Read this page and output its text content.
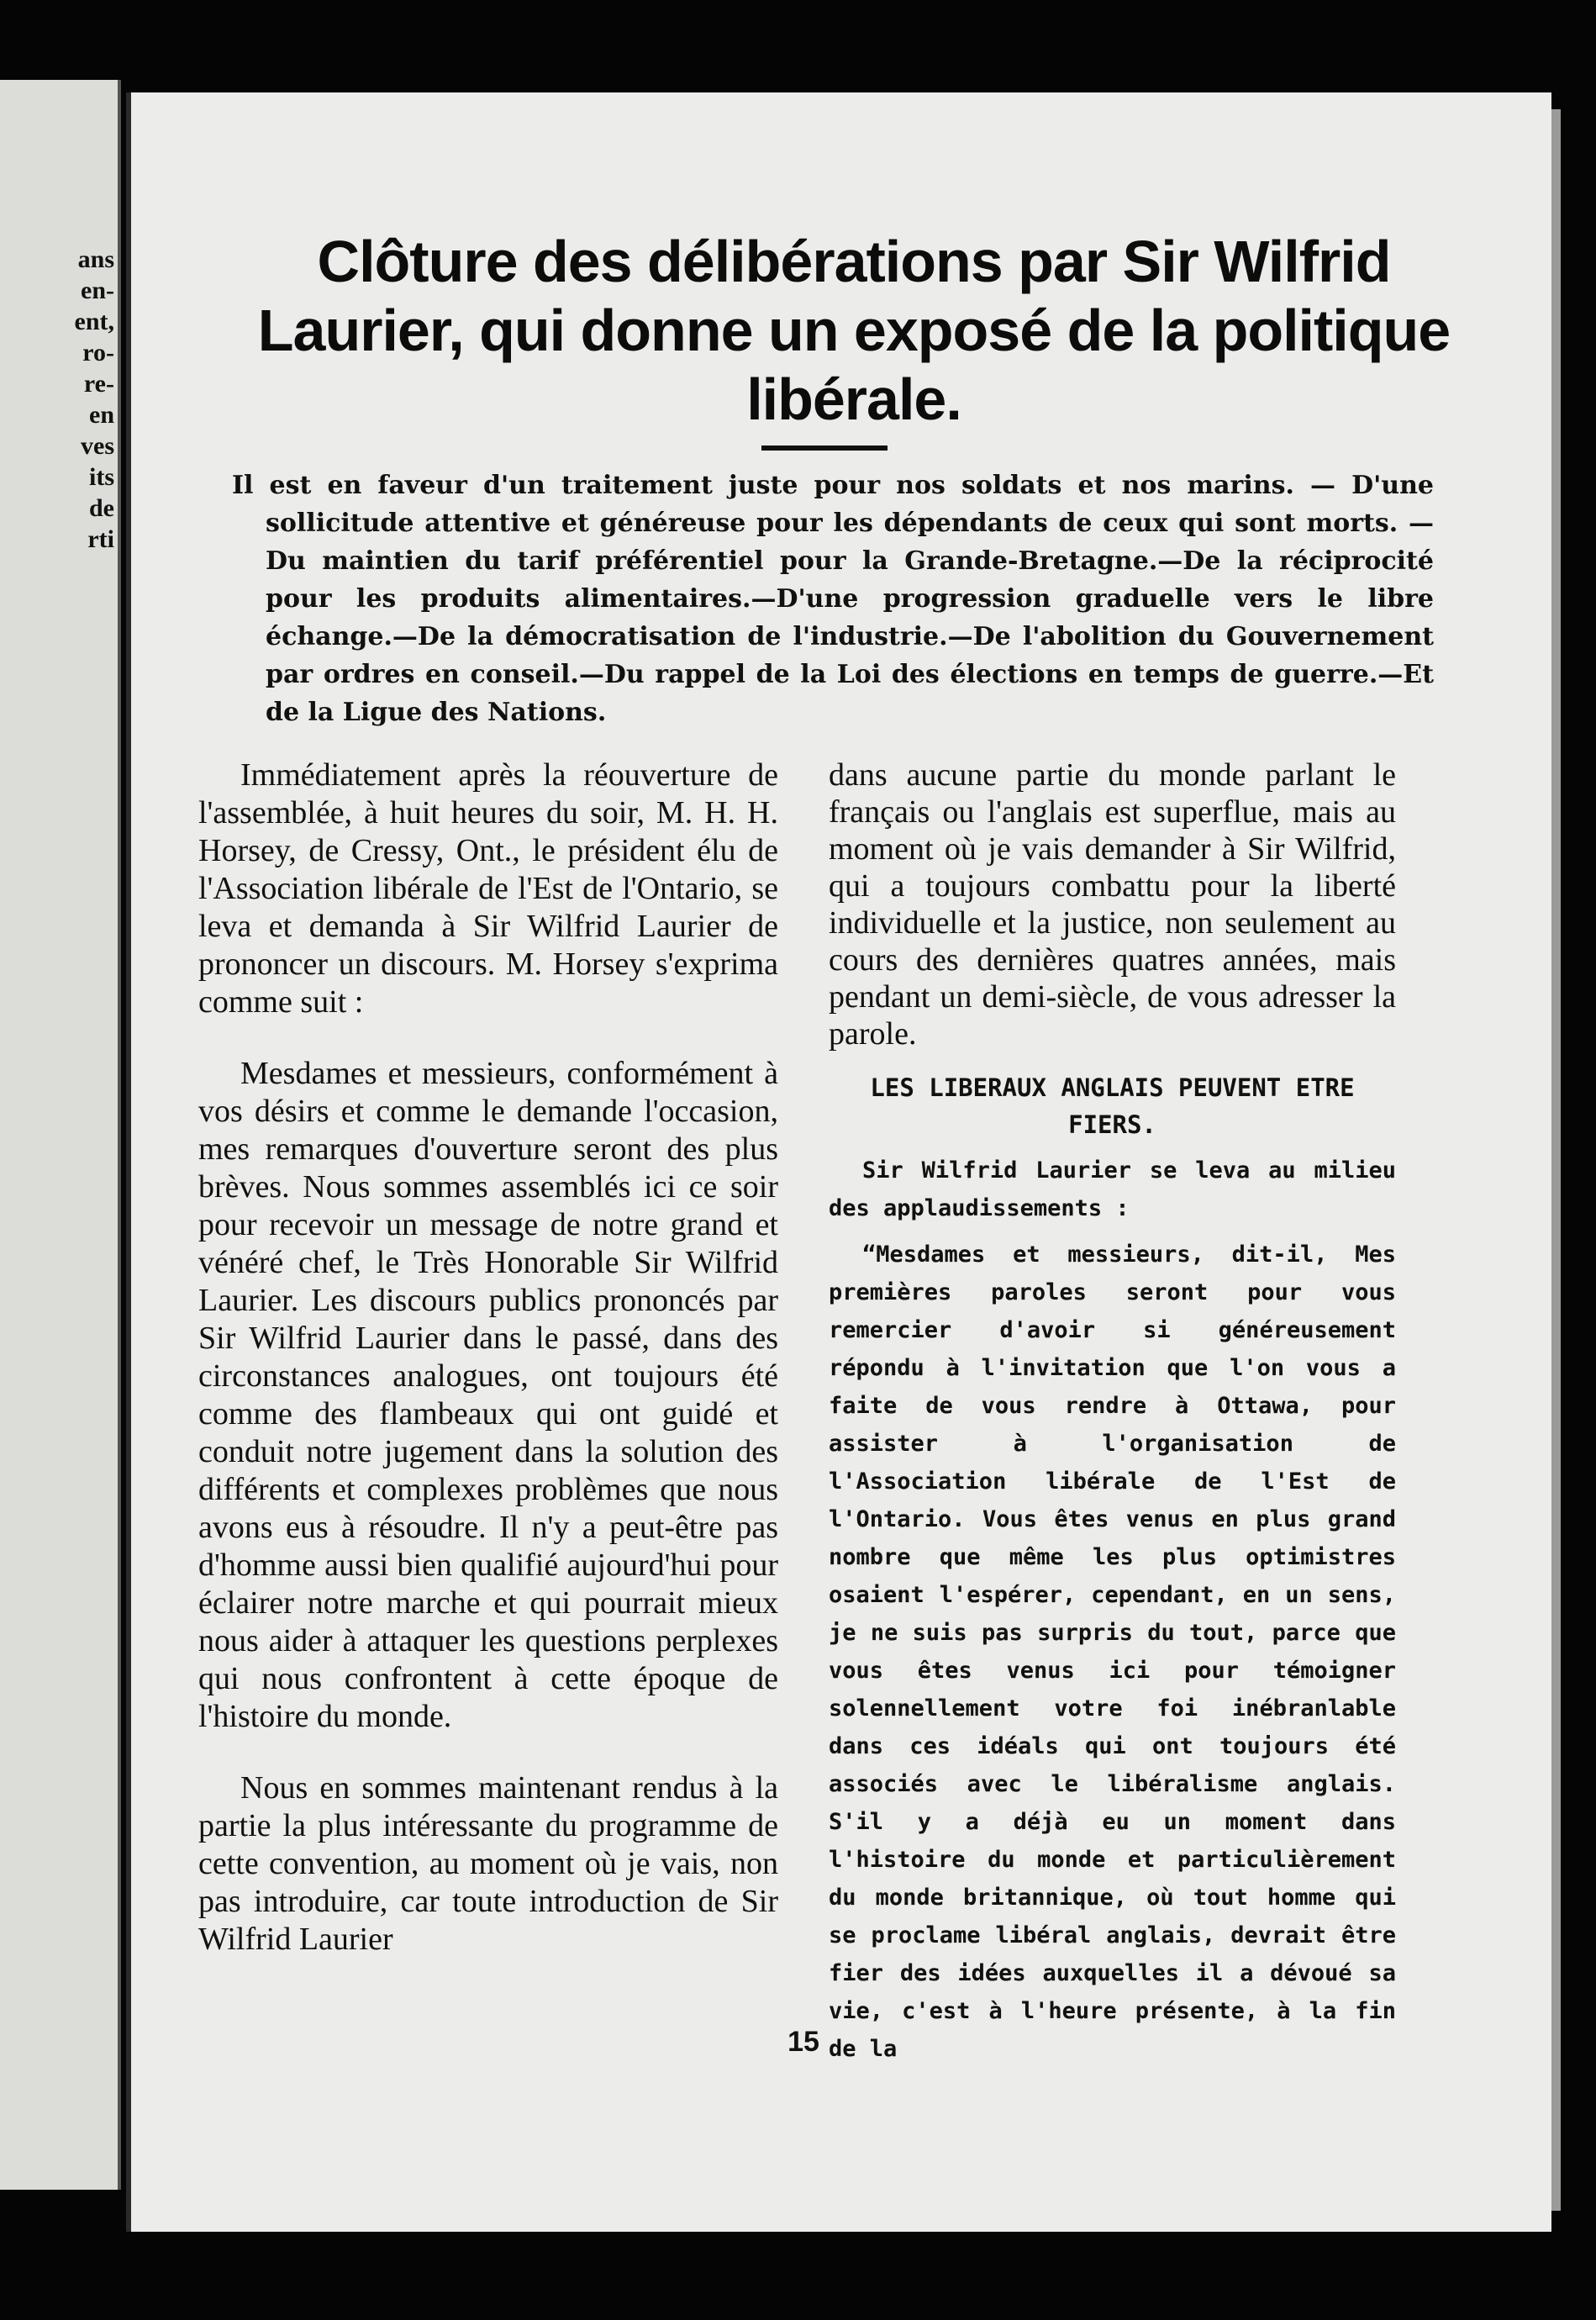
ans
en-
ent,
ro-
re-
en
ves
its
de
rti
Clôture des délibérations par Sir Wilfrid Laurier, qui donne un exposé de la politique libérale.
Il est en faveur d'un traitement juste pour nos soldats et nos marins. — D'une sollicitude attentive et généreuse pour les dépendants de ceux qui sont morts. —Du maintien du tarif préférentiel pour la Grande-Bretagne.—De la réciprocité pour les produits alimentaires.—D'une progression graduelle vers le libre échange.—De la démocratisation de l'industrie.—De l'abolition du Gouvernement par ordres en conseil.—Du rappel de la Loi des élections en temps de guerre.—Et de la Ligue des Nations.

Immédiatement après la réouverture de l'assemblée, à huit heures du soir, M. H. H. Horsey, de Cressy, Ont., le président élu de l'Association libérale de l'Est de l'Ontario, se leva et demanda à Sir Wilfrid Laurier de prononcer un discours. M. Horsey s'exprima comme suit :

Mesdames et messieurs, conformément à vos désirs et comme le demande l'occasion, mes remarques d'ouverture seront des plus brèves. Nous sommes assemblés ici ce soir pour recevoir un message de notre grand et vénéré chef, le Très Honorable Sir Wilfrid Laurier. Les discours publics prononcés par Sir Wilfrid Laurier dans le passé, dans des circonstances analogues, ont toujours été comme des flambeaux qui ont guidé et conduit notre jugement dans la solution des différents et complexes problèmes que nous avons eus à résoudre. Il n'y a peut-être pas d'homme aussi bien qualifié aujourd'hui pour éclairer notre marche et qui pourrait mieux nous aider à attaquer les questions perplexes qui nous confrontent à cette époque de l'histoire du monde.

Nous en sommes maintenant rendus à la partie la plus intéressante du programme de cette convention, au moment où je vais, non pas introduire, car toute introduction de Sir Wilfrid Laurier

dans aucune partie du monde parlant le français ou l'anglais est superflue, mais au moment où je vais demander à Sir Wilfrid, qui a toujours combattu pour la liberté individuelle et la justice, non seulement au cours des dernières quatres années, mais pendant un demi-siècle, de vous adresser la parole.

LES LIBERAUX ANGLAIS PEUVENT ETRE FIERS.

Sir Wilfrid Laurier se leva au milieu des applaudissements :

“Mesdames et messieurs, dit-il, Mes premières paroles seront pour vous remercier d'avoir si généreusement répondu à l'invitation que l'on vous a faite de vous rendre à Ottawa, pour assister à l'organisation de l'Association libérale de l'Est de l'Ontario. Vous êtes venus en plus grand nombre que même les plus optimistres osaient l'espérer, cependant, en un sens, je ne suis pas surpris du tout, parce que vous êtes venus ici pour témoigner solennellement votre foi inébranlable dans ces idéals qui ont toujours été associés avec le libéralisme anglais. S'il y a déjà eu un moment dans l'histoire du monde et particulièrement du monde britannique, où tout homme qui se proclame libéral anglais, devrait être fier des idées auxquelles il a dévoué sa vie, c'est à l'heure présente, à la fin de la

15
